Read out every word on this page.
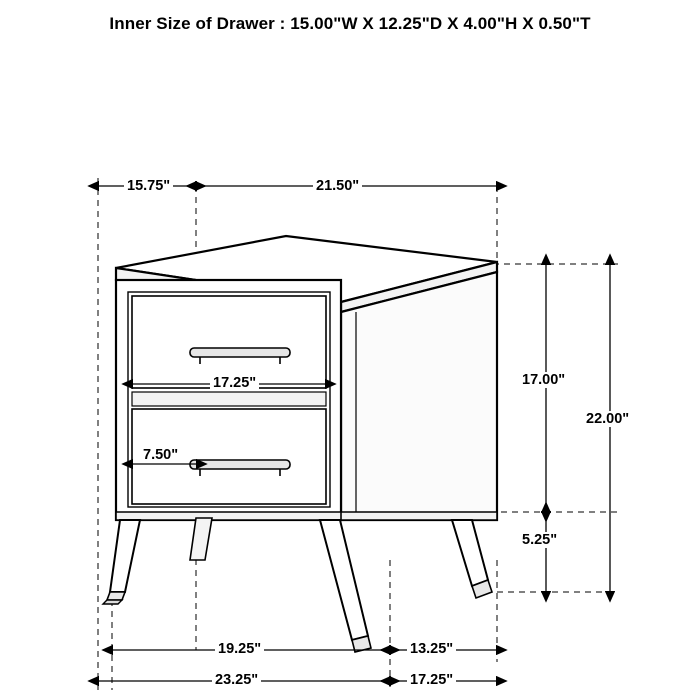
Inner Size of Drawer : 15.00"W X 12.25"D X 4.00"H X 0.50"T
15.75"	21.50"
17.25"
7.50"
17.00"
22.00"
5.25"
19.25"	13.25"
23.25"	17.25"
